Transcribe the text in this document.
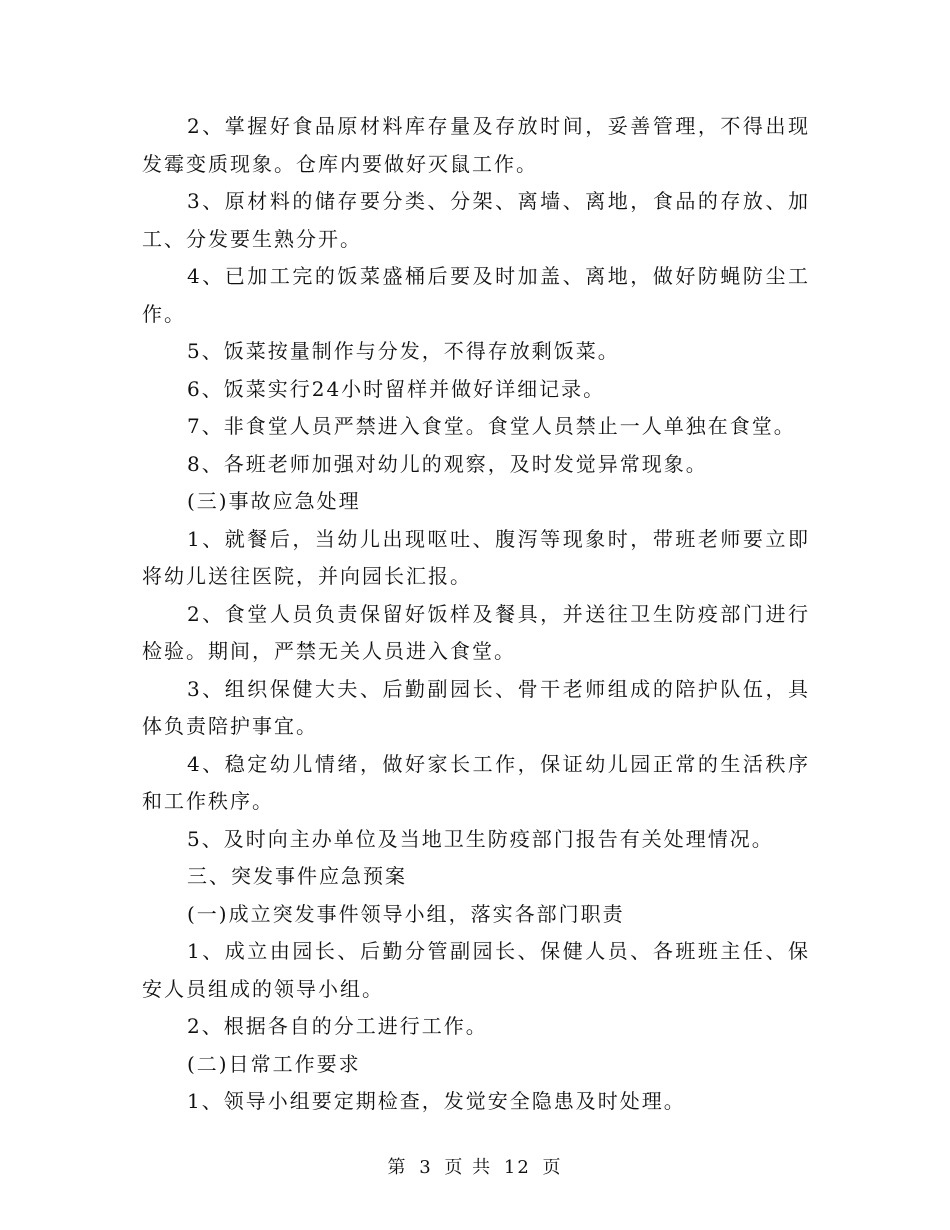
2、掌握好食品原材料库存量及存放时间，妥善管理，不得出现发霉变质现象。仓库内要做好灭鼠工作。

3、原材料的储存要分类、分架、离墙、离地，食品的存放、加工、分发要生熟分开。

4、已加工完的饭菜盛桶后要及时加盖、离地，做好防蝇防尘工作。

5、饭菜按量制作与分发，不得存放剩饭菜。

6、饭菜实行24小时留样并做好详细记录。

7、非食堂人员严禁进入食堂。食堂人员禁止一人单独在食堂。

8、各班老师加强对幼儿的观察，及时发觉异常现象。

(三)事故应急处理

1、就餐后，当幼儿出现呕吐、腹泻等现象时，带班老师要立即将幼儿送往医院，并向园长汇报。

2、食堂人员负责保留好饭样及餐具，并送往卫生防疫部门进行检验。期间，严禁无关人员进入食堂。

3、组织保健大夫、后勤副园长、骨干老师组成的陪护队伍，具体负责陪护事宜。

4、稳定幼儿情绪，做好家长工作，保证幼儿园正常的生活秩序和工作秩序。

5、及时向主办单位及当地卫生防疫部门报告有关处理情况。

三、突发事件应急预案

(一)成立突发事件领导小组，落实各部门职责

1、成立由园长、后勤分管副园长、保健人员、各班班主任、保安人员组成的领导小组。

2、根据各自的分工进行工作。

(二)日常工作要求

1、领导小组要定期检查，发觉安全隐患及时处理。

第 3 页 共 12 页
